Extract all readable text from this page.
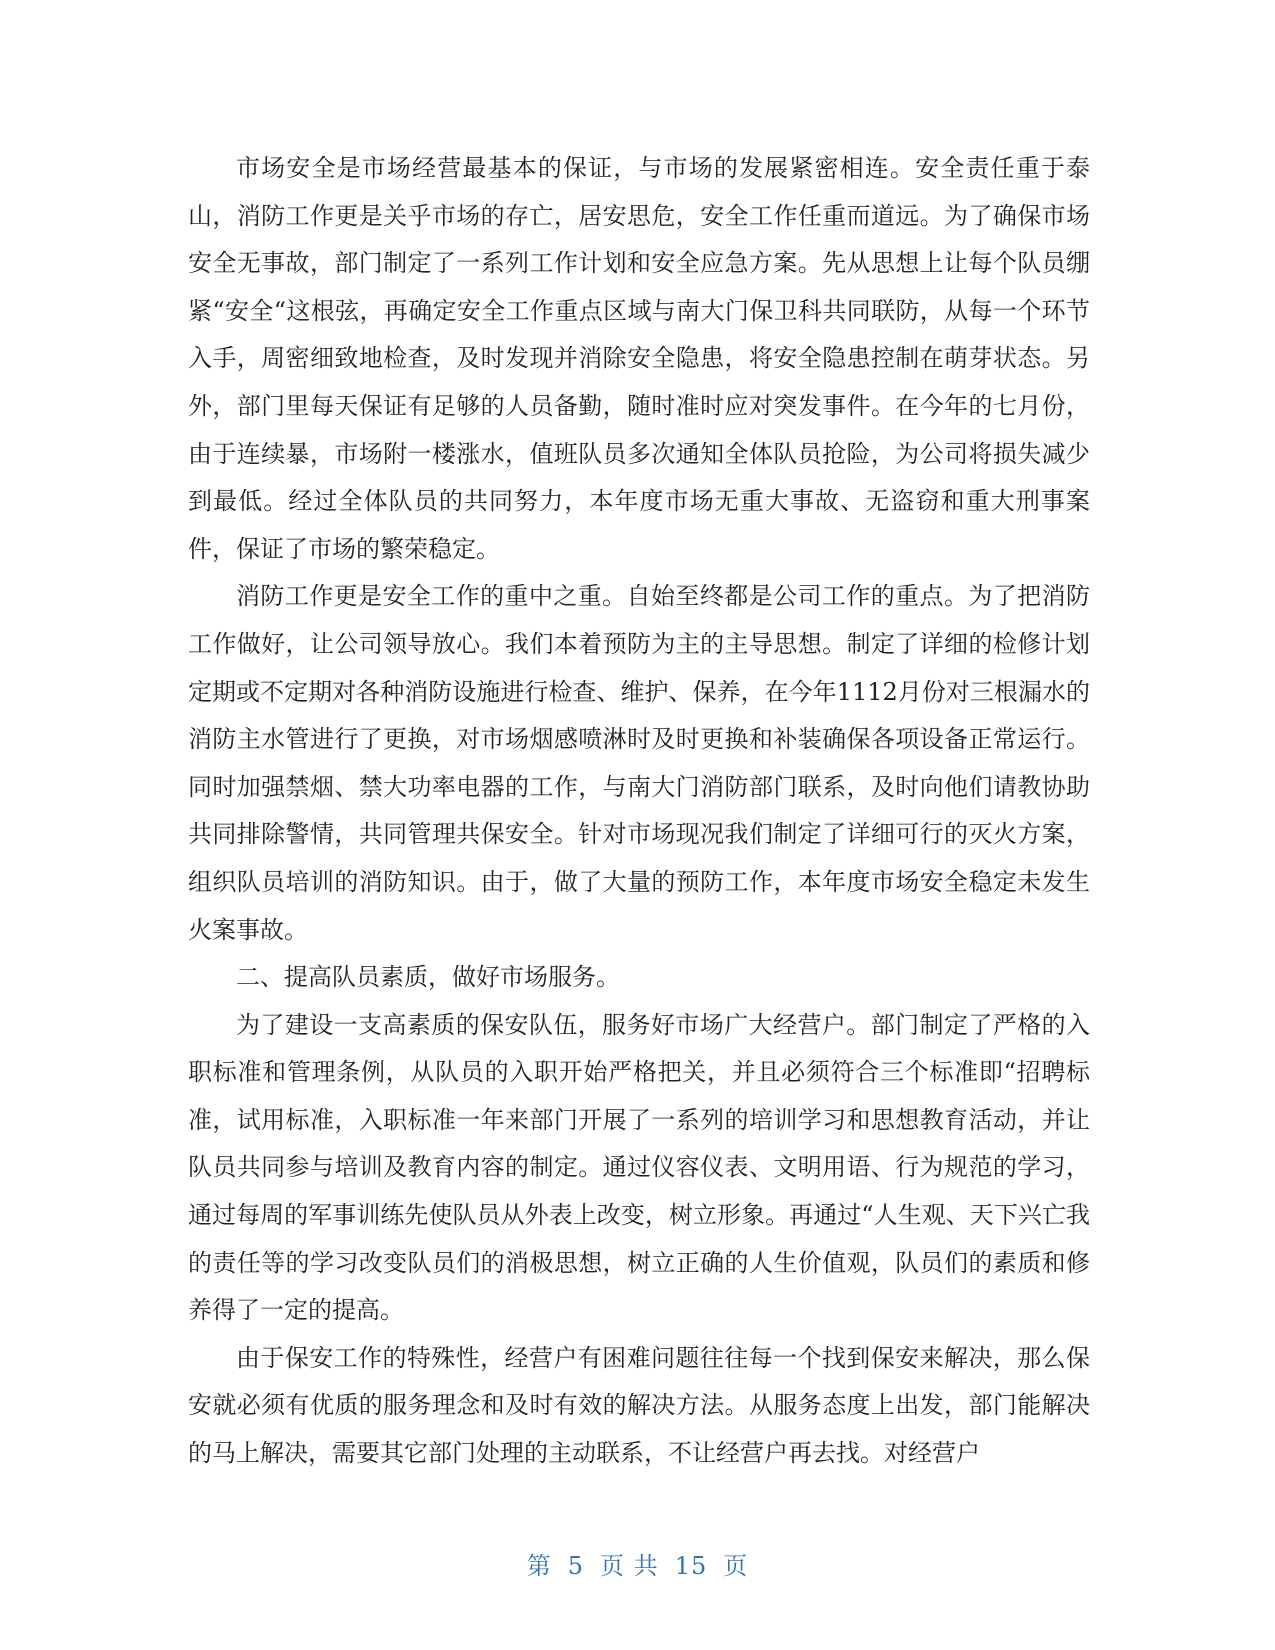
市场安全是市场经营最基本的保证，与市场的发展紧密相连。安全责任重于泰山，消防工作更是关乎市场的存亡，居安思危，安全工作任重而道远。为了确保市场安全无事故，部门制定了一系列工作计划和安全应急方案。先从思想上让每个队员绷紧“安全“这根弦，再确定安全工作重点区域与南大门保卫科共同联防，从每一个环节入手，周密细致地检查，及时发现并消除安全隐患，将安全隐患控制在萌芽状态。另外，部门里每天保证有足够的人员备勤，随时准时应对突发事件。在今年的七月份，由于连续暴，市场附一楼涨水，值班队员多次通知全体队员抢险，为公司将损失减少到最低。经过全体队员的共同努力，本年度市场无重大事故、无盗窃和重大刑事案件，保证了市场的繁荣稳定。

消防工作更是安全工作的重中之重。自始至终都是公司工作的重点。为了把消防工作做好，让公司领导放心。我们本着预防为主的主导思想。制定了详细的检修计划定期或不定期对各种消防设施进行检查、维护、保养，在今年1112月份对三根漏水的消防主水管进行了更换，对市场烟感喷淋时及时更换和补装确保各项设备正常运行。同时加强禁烟、禁大功率电器的工作，与南大门消防部门联系，及时向他们请教协助共同排除警情，共同管理共保安全。针对市场现况我们制定了详细可行的灭火方案，组织队员培训的消防知识。由于，做了大量的预防工作，本年度市场安全稳定未发生火案事故。

二、提高队员素质，做好市场服务。

为了建设一支高素质的保安队伍，服务好市场广大经营户。部门制定了严格的入职标准和管理条例，从队员的入职开始严格把关，并且必须符合三个标准即“招聘标准，试用标准，入职标准一年来部门开展了一系列的培训学习和思想教育活动，并让队员共同参与培训及教育内容的制定。通过仪容仪表、文明用语、行为规范的学习，通过每周的军事训练先使队员从外表上改变，树立形象。再通过“人生观、天下兴亡我的责任等的学习改变队员们的消极思想，树立正确的人生价值观，队员们的素质和修养得了一定的提高。

由于保安工作的特殊性，经营户有困难问题往往每一个找到保安来解决，那么保安就必须有优质的服务理念和及时有效的解决方法。从服务态度上出发，部门能解决的马上解决，需要其它部门处理的主动联系，不让经营户再去找。对经营户

第 5 页 共 15 页
